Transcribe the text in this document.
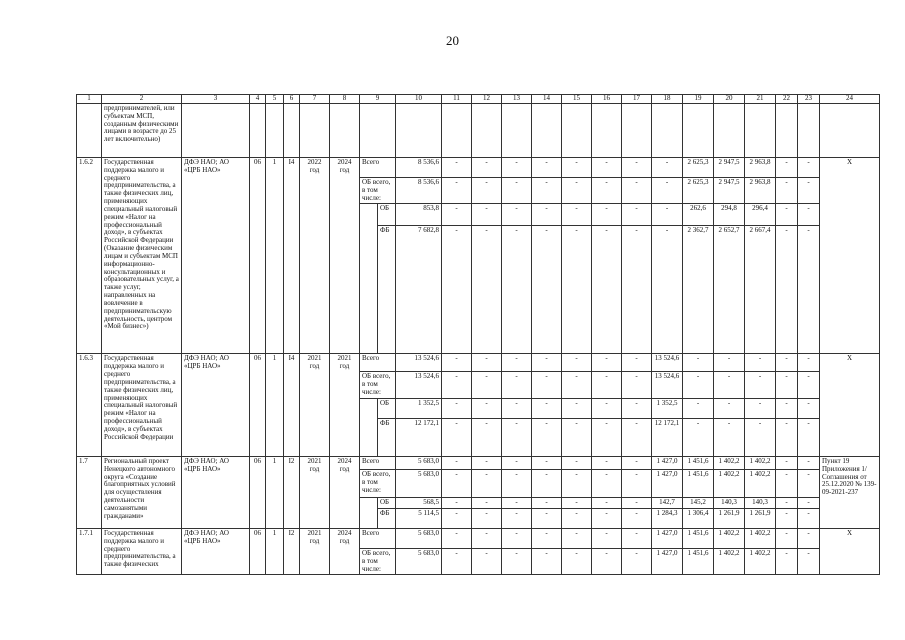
20
1	2	3	4	5	6	7	8	9		10	11	12	13	14	15	16	17	18	19	20	21	22	23	24
	предпринимателей, или субъектам МСП, созданным физическими лицами в возрасте до 25 лет включительно)																							
1.6.2	Государственная поддержка малого и среднего предпринимательства, а также физических лиц, применяющих специальный налоговый режим «Налог на профессиональный доход», в субъектах Российской Федерации (Оказание физическим лицам и субъектам МСП информационно-консультационных и образовательных услуг, а также услуг, направленных на вовлечение в предпринимательскую деятельность, центром «Мой бизнес»)	ДФЭ НАО; АО «ЦРБ НАО»	06	1	I4	2022 год	2024 год	Всего		8 536,6	-	-	-	-	-	-	-	-	2 625,3	2 947,5	2 963,8	-	-	Х
								ОБ всего, в том числе:		8 536,6	-	-	-	-	-	-	-	-	2 625,3	2 947,5	2 963,8	-	-	
									ОБ	853,8	-	-	-	-	-	-	-	-	262,6	294,8	296,4	-	-	
									ФБ	7 682,8	-	-	-	-	-	-	-	-	2 362,7	2 652,7	2 667,4	-	-	
1.6.3	Государственная поддержка малого и среднего предпринимательства, а также физических лиц, применяющих специальный налоговый режим «Налог на профессиональный доход», в субъектах Российской Федерации	ДФЭ НАО; АО «ЦРБ НАО»	06	1	I4	2021 год	2021 год	Всего		13 524,6	-	-	-	-	-	-	-	13 524,6	-	-	-	-	-	Х
								ОБ всего, в том числе:		13 524,6	-	-	-	-	-	-	-	13 524,6	-	-	-	-	-	
									ОБ	1 352,5	-	-	-	-	-	-	-	1 352,5	-	-	-	-	-	
									ФБ	12 172,1	-	-	-	-	-	-	-	12 172,1	-	-	-	-	-	
1.7	Региональный проект Ненецкого автономного округа «Создание благоприятных условий для осуществления деятельности самозанятыми гражданами»	ДФЭ НАО; АО «ЦРБ НАО»	06	1	I2	2021 год	2024 год	Всего		5 683,0	-	-	-	-	-	-	-	1 427,0	1 451,6	1 402,2	1 402,2	-	-	Пункт 19 Приложения 1/ Соглашения от 25.12.2020 № 139-09-2021-237
								ОБ всего, в том числе:		5 683,0	-	-	-	-	-	-	-	1 427,0	1 451,6	1 402,2	1 402,2	-	-	
									ОБ	568,5	-	-	-	-	-	-	-	142,7	145,2	140,3	140,3	-	-	
									ФБ	5 114,5	-	-	-	-	-	-	-	1 284,3	1 306,4	1 261,9	1 261,9	-	-	
1.7.1	Государственная поддержка малого и среднего предпринимательства, а также физических	ДФЭ НАО; АО «ЦРБ НАО»	06	1	I2	2021 год	2024 год	Всего		5 683,0	-	-	-	-	-	-	-	1 427,0	1 451,6	1 402,2	1 402,2	-	-	Х
								ОБ всего, в том числе:		5 683,0	-	-	-	-	-	-	-	1 427,0	1 451,6	1 402,2	1 402,2	-	-	
